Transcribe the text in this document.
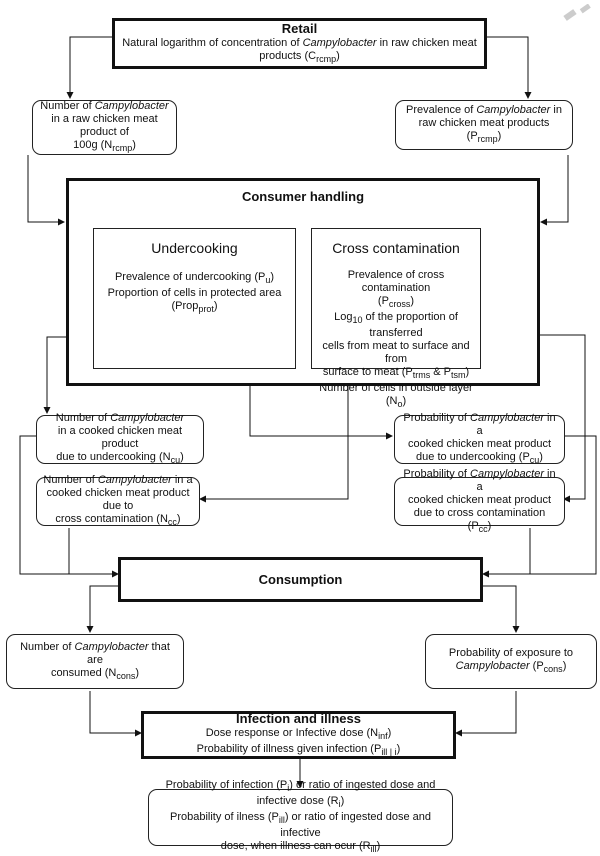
Retail
Natural logarithm of concentration of Campylobacter in raw chicken meat
products $(C_{rcmp})$
Number of Campylobacter
in a raw chicken meat product of
100g $(N_{rcmp})$
Prevalence of Campylobacter in
raw chicken meat products $(P_{rcmp})$
Consumer handling
Undercooking
Prevalence of undercooking $(P_u)$
Proportion of cells in protected area
(Prop$_{prot}$)
Cross contamination
Prevalence of cross contamination
$(P_{cross})$
Log$_{10}$ of the proportion of transferred
cells from meat to surface and from
surface to meat ($P_{trms}$ & $P_{tsm}$)
Number of cells in outside layer $(N_o)$
Number of Campylobacter
in a cooked chicken meat product
due to undercooking $(N_{cu})$
Probability of Campylobacter in a
cooked chicken meat product
due to undercooking $(P_{cu})$
Number of Campylobacter in a
cooked chicken meat product due to
cross contamination $(N_{cc})$
Probability of Campylobacter in a
cooked chicken meat product
due to cross contamination $(P_{cc})$
Consumption
Number of Campylobacter that are
consumed $(N_{cons})$
Probability of exposure to
Campylobacter $(P_{cons})$
Infection and illness
Dose response or Infective dose $(N_{inf})$
Probability of illness given infection $(P_{ill | i})$
Probability of infection $(P_i)$ or ratio of ingested dose and
infective dose $(R_i)$
Probability of ilness $(P_{ill})$ or ratio of ingested dose and infective
dose, when illness can ocur $(R_{ill})$
